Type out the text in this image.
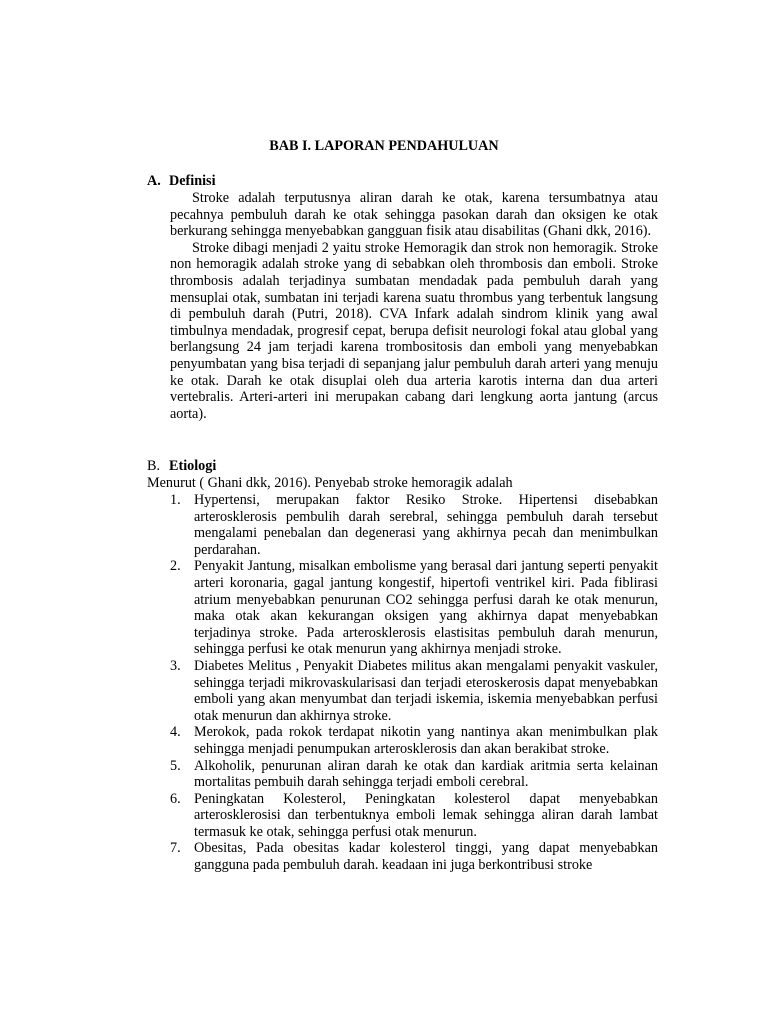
BAB I. LAPORAN PENDAHULUAN
A. Definisi

Stroke adalah terputusnya aliran darah ke otak, karena tersumbatnya atau pecahnya pembuluh darah ke otak sehingga pasokan darah dan oksigen ke otak berkurang sehingga menyebabkan gangguan fisik atau disabilitas (Ghani dkk, 2016).

Stroke dibagi menjadi 2 yaitu stroke Hemoragik dan strok non hemoragik. Stroke non hemoragik adalah stroke yang di sebabkan oleh thrombosis dan emboli. Stroke thrombosis adalah terjadinya sumbatan mendadak pada pembuluh darah yang mensuplai otak, sumbatan ini terjadi karena suatu thrombus yang terbentuk langsung di pembuluh darah (Putri, 2018). CVA Infark adalah sindrom klinik yang awal timbulnya mendadak, progresif cepat, berupa defisit neurologi fokal atau global yang berlangsung 24 jam terjadi karena trombositosis dan emboli yang menyebabkan penyumbatan yang bisa terjadi di sepanjang jalur pembuluh darah arteri yang menuju ke otak. Darah ke otak disuplai oleh dua arteria karotis interna dan dua arteri vertebralis. Arteri-arteri ini merupakan cabang dari lengkung aorta jantung (arcus aorta).

B. Etiologi
Menurut ( Ghani dkk, 2016). Penyebab stroke hemoragik adalah
1. Hypertensi, merupakan faktor Resiko Stroke. Hipertensi disebabkan arterosklerosis pembulih darah serebral, sehingga pembuluh darah tersebut mengalami penebalan dan degenerasi yang akhirnya pecah dan menimbulkan perdarahan.
2. Penyakit Jantung, misalkan embolisme yang berasal dari jantung seperti penyakit arteri koronaria, gagal jantung kongestif, hipertofi ventrikel kiri. Pada fiblirasi atrium menyebabkan penurunan CO2 sehingga perfusi darah ke otak menurun, maka otak akan kekurangan oksigen yang akhirnya dapat menyebabkan terjadinya stroke. Pada arterosklerosis elastisitas pembuluh darah menurun, sehingga perfusi ke otak menurun yang akhirnya menjadi stroke.
3. Diabetes Melitus , Penyakit Diabetes militus akan mengalami penyakit vaskuler, sehingga terjadi mikrovaskularisasi dan terjadi eteroskerosis dapat menyebabkan emboli yang akan menyumbat dan terjadi iskemia, iskemia menyebabkan perfusi otak menurun dan akhirnya stroke.
4. Merokok, pada rokok terdapat nikotin yang nantinya akan menimbulkan plak sehingga menjadi penumpukan arterosklerosis dan akan berakibat stroke.
5. Alkoholik, penurunan aliran darah ke otak dan kardiak aritmia serta kelainan mortalitas pembuih darah sehingga terjadi emboli cerebral.
6. Peningkatan Kolesterol, Peningkatan kolesterol dapat menyebabkan arterosklerosisi dan terbentuknya emboli lemak sehingga aliran darah lambat termasuk ke otak, sehingga perfusi otak menurun.
7. Obesitas, Pada obesitas kadar kolesterol tinggi, yang dapat menyebabkan gangguna pada pembuluh darah. keadaan ini juga berkontribusi stroke
